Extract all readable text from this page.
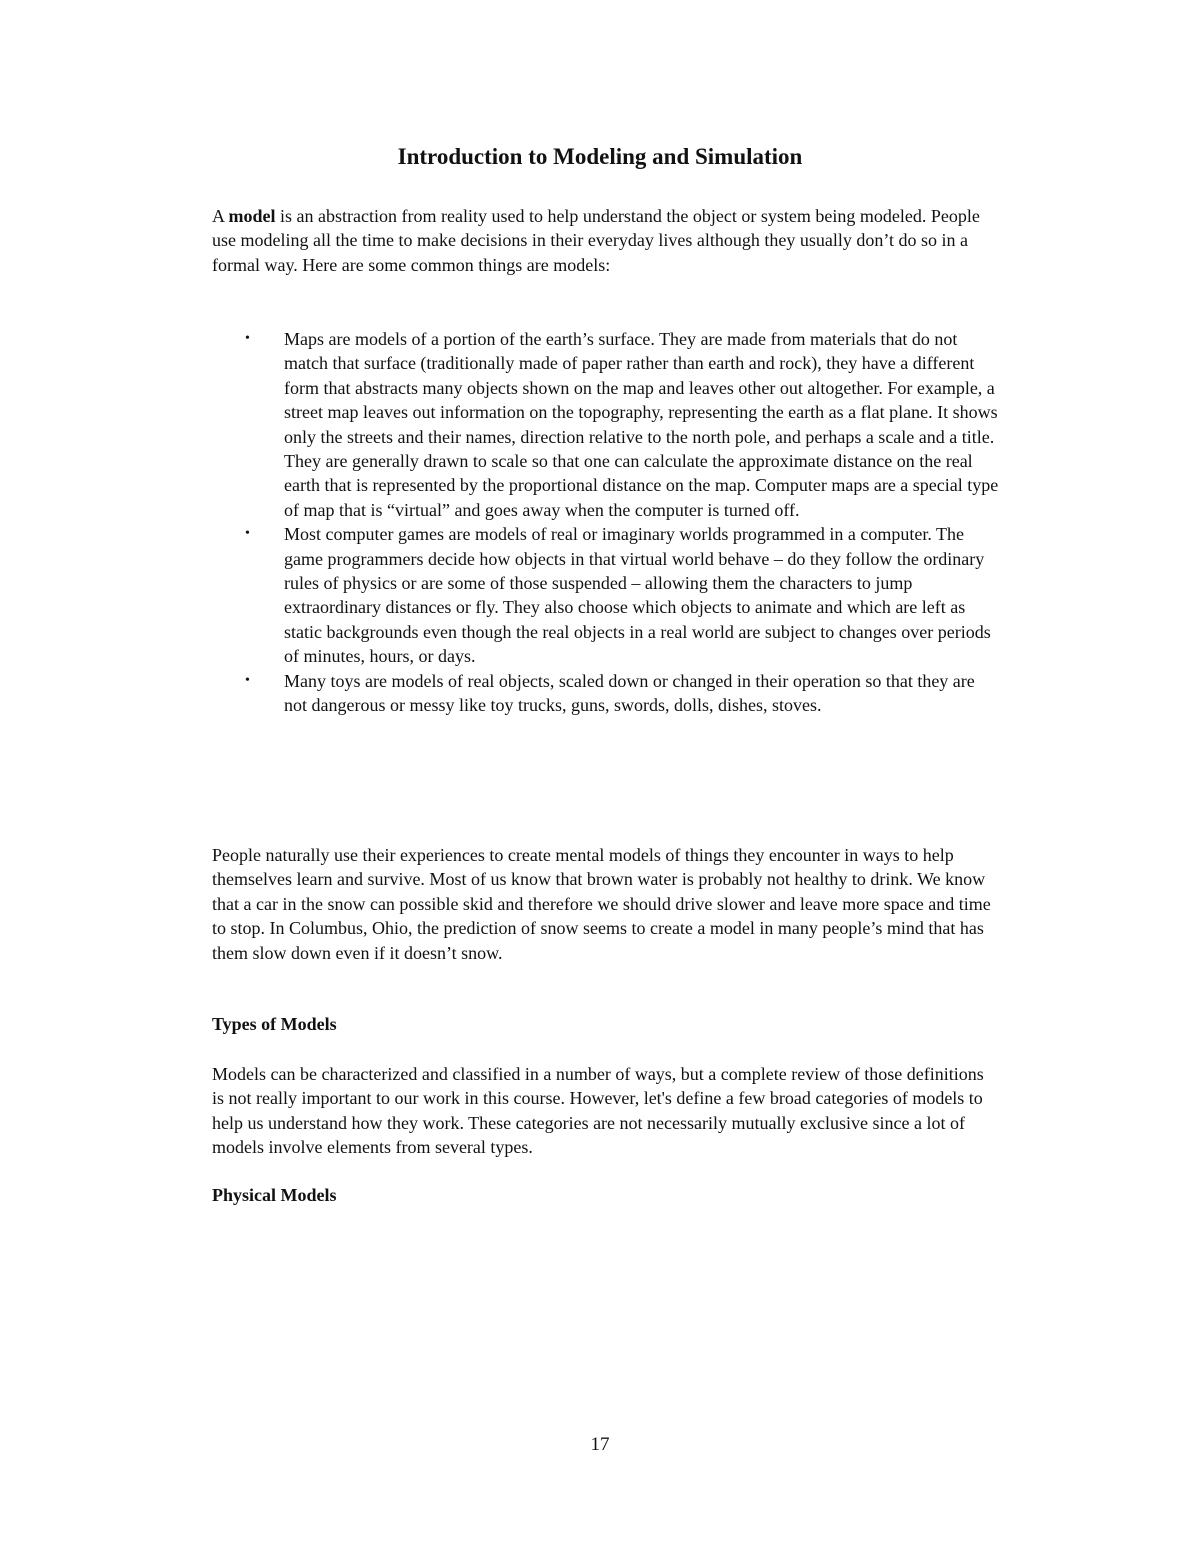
Introduction to Modeling and Simulation

A model is an abstraction from reality used to help understand the object or system being modeled. People use modeling all the time to make decisions in their everyday lives although they usually don’t do so in a formal way. Here are some common things are models:

• Maps are models of a portion of the earth’s surface. They are made from materials that do not match that surface (traditionally made of paper rather than earth and rock), they have a different form that abstracts many objects shown on the map and leaves other out altogether. For example, a street map leaves out information on the topography, representing the earth as a flat plane. It shows only the streets and their names, direction relative to the north pole, and perhaps a scale and a title. They are generally drawn to scale so that one can calculate the approximate distance on the real earth that is represented by the proportional distance on the map. Computer maps are a special type of map that is “virtual” and goes away when the computer is turned off.
• Most computer games are models of real or imaginary worlds programmed in a computer. The game programmers decide how objects in that virtual world behave – do they follow the ordinary rules of physics or are some of those suspended – allowing them the characters to jump extraordinary distances or fly. They also choose which objects to animate and which are left as static backgrounds even though the real objects in a real world are subject to changes over periods of minutes, hours, or days.
• Many toys are models of real objects, scaled down or changed in their operation so that they are not dangerous or messy like toy trucks, guns, swords, dolls, dishes, stoves.

People naturally use their experiences to create mental models of things they encounter in ways to help themselves learn and survive. Most of us know that brown water is probably not healthy to drink. We know that a car in the snow can possible skid and therefore we should drive slower and leave more space and time to stop. In Columbus, Ohio, the prediction of snow seems to create a model in many people’s mind that has them slow down even if it doesn’t snow.

Types of Models

Models can be characterized and classified in a number of ways, but a complete review of those definitions is not really important to our work in this course. However, let's define a few broad categories of models to help us understand how they work. These categories are not necessarily mutually exclusive since a lot of models involve elements from several types.

Physical Models

17
